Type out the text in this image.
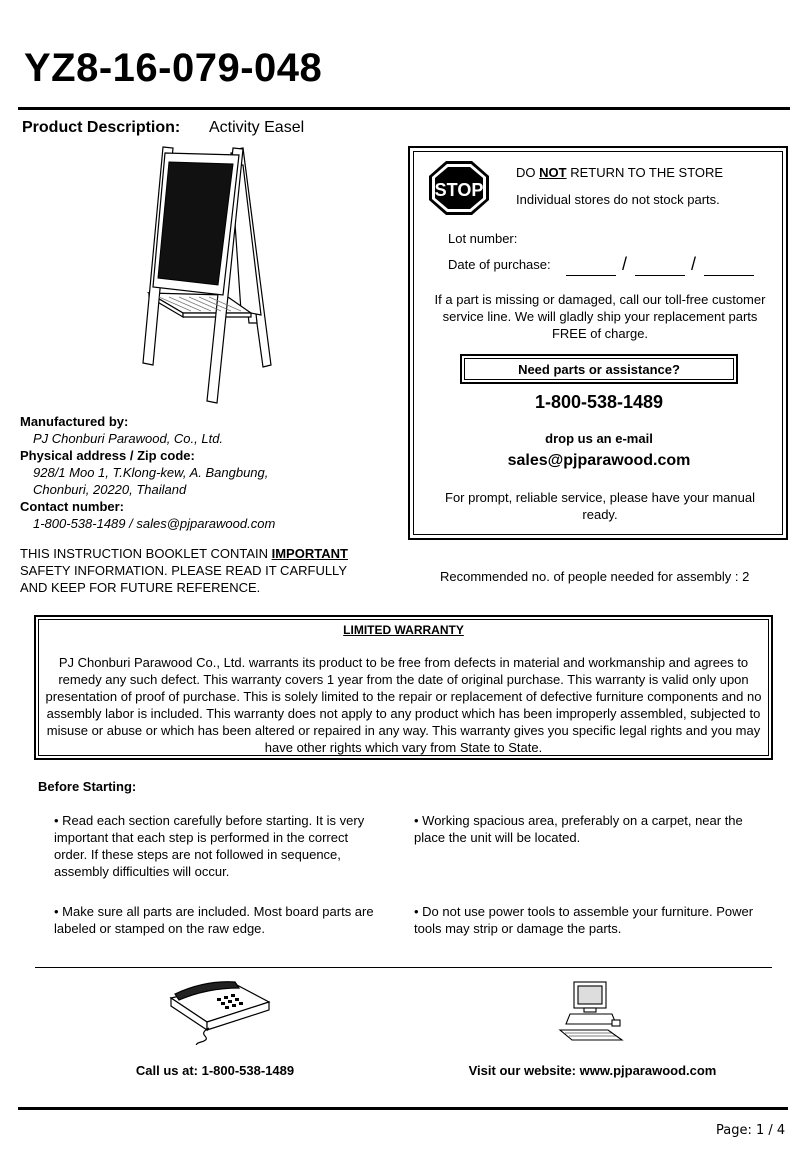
YZ8-16-079-048
Product Description: Activity Easel
Manufactured by:
PJ Chonburi Parawood, Co., Ltd.
Physical address / Zip code:
928/1 Moo 1, T.Klong-kew, A. Bangbung,
Chonburi, 20220, Thailand
Contact number:
1-800-538-1489 / sales@pjparawood.com
THIS INSTRUCTION BOOKLET CONTAIN IMPORTANT
SAFETY INFORMATION. PLEASE READ IT CARFULLY
AND KEEP FOR FUTURE REFERENCE.
STOP
DO NOT RETURN TO THE STORE
Individual stores do not stock parts.
Lot number:
Date of purchase:	/	/
If a part is missing or damaged, call our toll-free customer service line. We will gladly ship your replacement parts FREE of charge.
Need parts or assistance?
1-800-538-1489
drop us an e-mail
sales@pjparawood.com
For prompt, reliable service, please have your manual ready.
Recommended no. of people needed for assembly : 2
LIMITED WARRANTY
PJ Chonburi Parawood Co., Ltd. warrants its product to be free from defects in material and workmanship and agrees to remedy any such defect. This warranty covers 1 year from the date of original purchase. This warranty is valid only upon presentation of proof of purchase. This is solely limited to the repair or replacement of defective furniture components and no assembly labor is included. This warranty does not apply to any product which has been improperly assembled, subjected to misuse or abuse or which has been altered or repaired in any way. This warranty gives you specific legal rights and you may have other rights which vary from State to State.
Before Starting:
• Read each section carefully before starting. It is very important that each step is performed in the correct order. If these steps are not followed in sequence, assembly difficulties will occur.
• Working spacious area, preferably on a carpet, near the place the unit will be located.
• Make sure all parts are included. Most board parts are labeled or stamped on the raw edge.
• Do not use power tools to assemble your furniture. Power tools may strip or damage the parts.
Call us at: 1-800-538-1489	Visit our website: www.pjparawood.com
Page: 1 / 4
